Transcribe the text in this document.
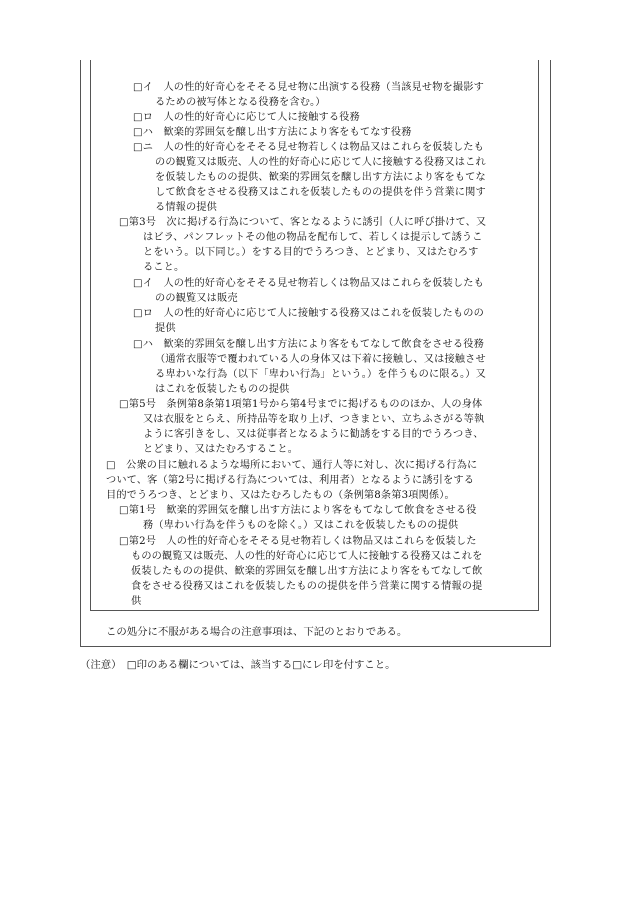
□イ　人の性的好奇心をそそる見せ物に出演する役務（当該見せ物を撮影す
るための被写体となる役務を含む。）
□ロ　人の性的好奇心に応じて人に接触する役務
□ハ　歓楽的雰囲気を醸し出す方法により客をもてなす役務
□ニ　人の性的好奇心をそそる見せ物若しくは物品又はこれらを仮装したも
のの観覧又は販売、人の性的好奇心に応じて人に接触する役務又はこれ
を仮装したものの提供、歓楽的雰囲気を醸し出す方法により客をもてな
して飲食をさせる役務又はこれを仮装したものの提供を伴う営業に関す
る情報の提供
□第3号　次に掲げる行為について、客となるように誘引（人に呼び掛けて、又
はビラ、パンフレットその他の物品を配布して、若しくは提示して誘うこ
とをいう。以下同じ。）をする目的でうろつき、とどまり、又はたむろす
ること。
□イ　人の性的好奇心をそそる見せ物若しくは物品又はこれらを仮装したも
のの観覧又は販売
□ロ　人の性的好奇心に応じて人に接触する役務又はこれを仮装したものの
提供
□ハ　歓楽的雰囲気を醸し出す方法により客をもてなして飲食をさせる役務
（通常衣服等で覆われている人の身体又は下着に接触し、又は接触させ
る卑わいな行為（以下「卑わい行為」という。）を伴うものに限る。）又
はこれを仮装したものの提供
□第5号　条例第8条第1項第1号から第4号までに掲げるもののほか、人の身体
又は衣服をとらえ、所持品等を取り上げ、つきまとい、立ちふさがる等執
ように客引きをし、又は従事者となるように勧誘をする目的でうろつき、
とどまり、又はたむろすること。
□　公衆の目に触れるような場所において、通行人等に対し、次に掲げる行為に
ついて、客（第2号に掲げる行為については、利用者）となるように誘引をする
目的でうろつき、とどまり、又はたむろしたもの（条例第8条第3項関係）。
□第1号　歓楽的雰囲気を醸し出す方法により客をもてなして飲食をさせる役
務（卑わい行為を伴うものを除く。）又はこれを仮装したものの提供
□第2号　人の性的好奇心をそそる見せ物若しくは物品又はこれらを仮装した
ものの観覧又は販売、人の性的好奇心に応じて人に接触する役務又はこれを
仮装したものの提供、歓楽的雰囲気を醸し出す方法により客をもてなして飲
食をさせる役務又はこれを仮装したものの提供を伴う営業に関する情報の提
供
この処分に不服がある場合の注意事項は、下記のとおりである。
（注意）　□印のある欄については、該当する□にレ印を付すこと。
